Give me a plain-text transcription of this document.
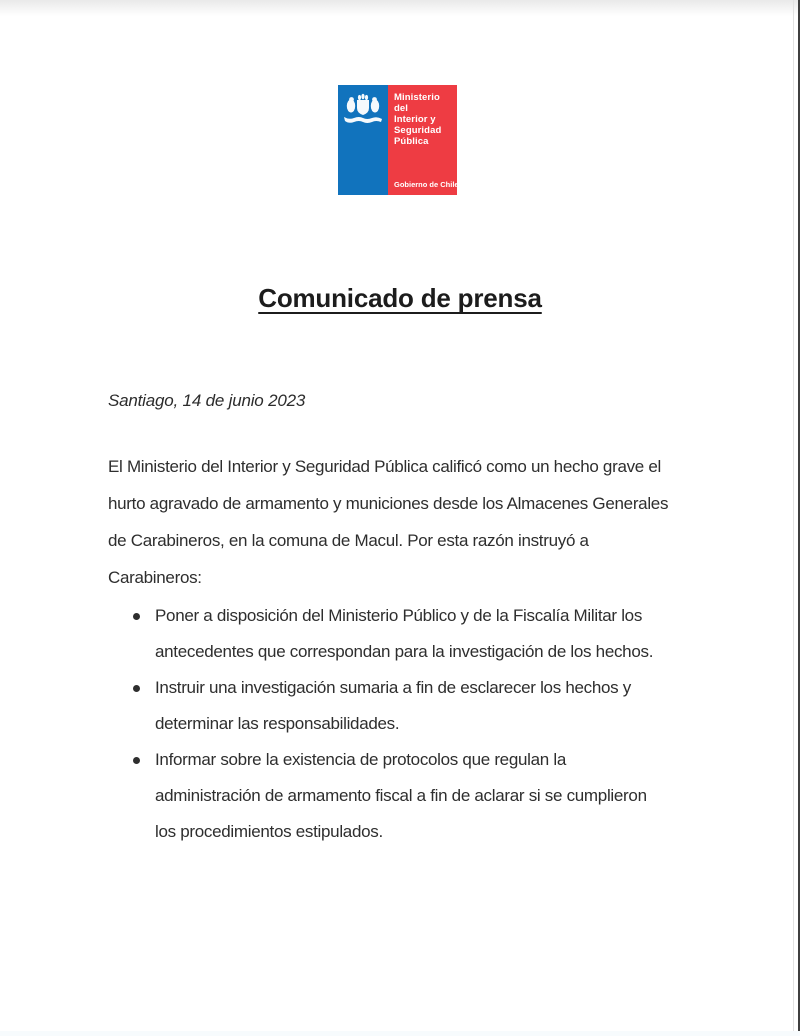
Ministerio del
Interior y
Seguridad
Pública
Gobierno de Chile
Comunicado de prensa
Santiago, 14 de junio 2023
El Ministerio del Interior y Seguridad Pública calificó como un hecho grave el
hurto agravado de armamento y municiones desde los Almacenes Generales
de Carabineros, en la comuna de Macul. Por esta razón instruyó a
Carabineros:
Poner a disposición del Ministerio Público y de la Fiscalía Militar los
antecedentes que correspondan para la investigación de los hechos.
Instruir una investigación sumaria a fin de esclarecer los hechos y
determinar las responsabilidades.
Informar sobre la existencia de protocolos que regulan la
administración de armamento fiscal a fin de aclarar si se cumplieron
los procedimientos estipulados.
